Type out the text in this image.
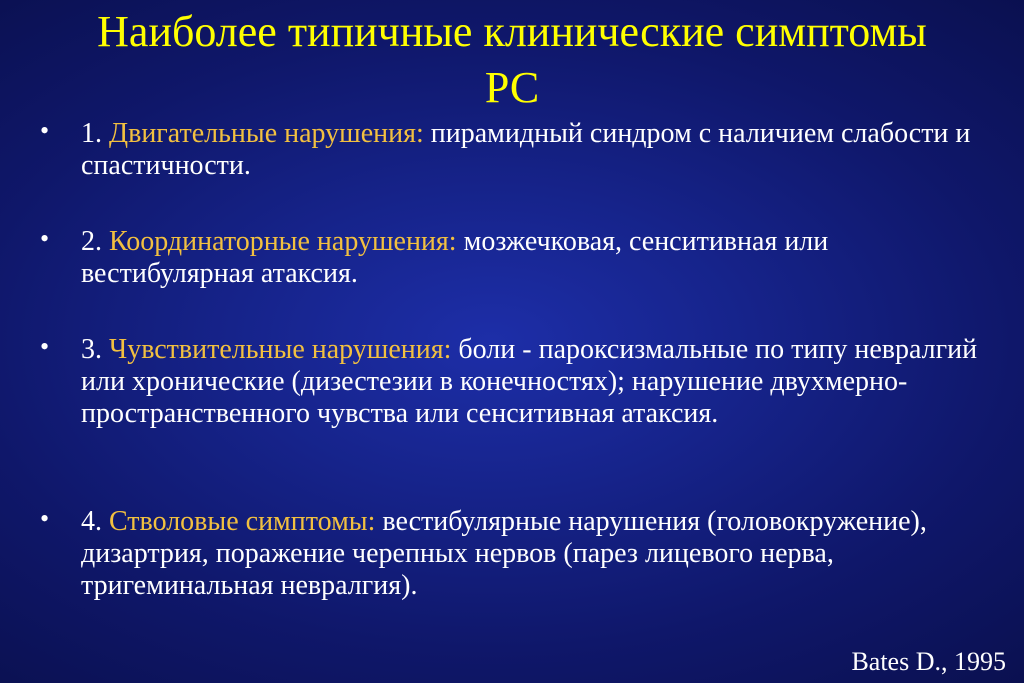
Наиболее типичные клинические симптомы
РС
• 1. Двигательные нарушения: пирамидный синдром с наличием слабости и спастичности.
• 2. Координаторные нарушения: мозжечковая, сенситивная или вестибулярная атаксия.
• 3. Чувствительные нарушения: боли - пароксизмальные по типу невралгий или хронические (дизестезии в конечностях); нарушение двухмерно-пространственного чувства или сенситивная атаксия.
• 4. Стволовые симптомы: вестибулярные нарушения (головокружение), дизартрия, поражение черепных нервов (парез лицевого нерва, тригеминальная невралгия).
Bates D., 1995
